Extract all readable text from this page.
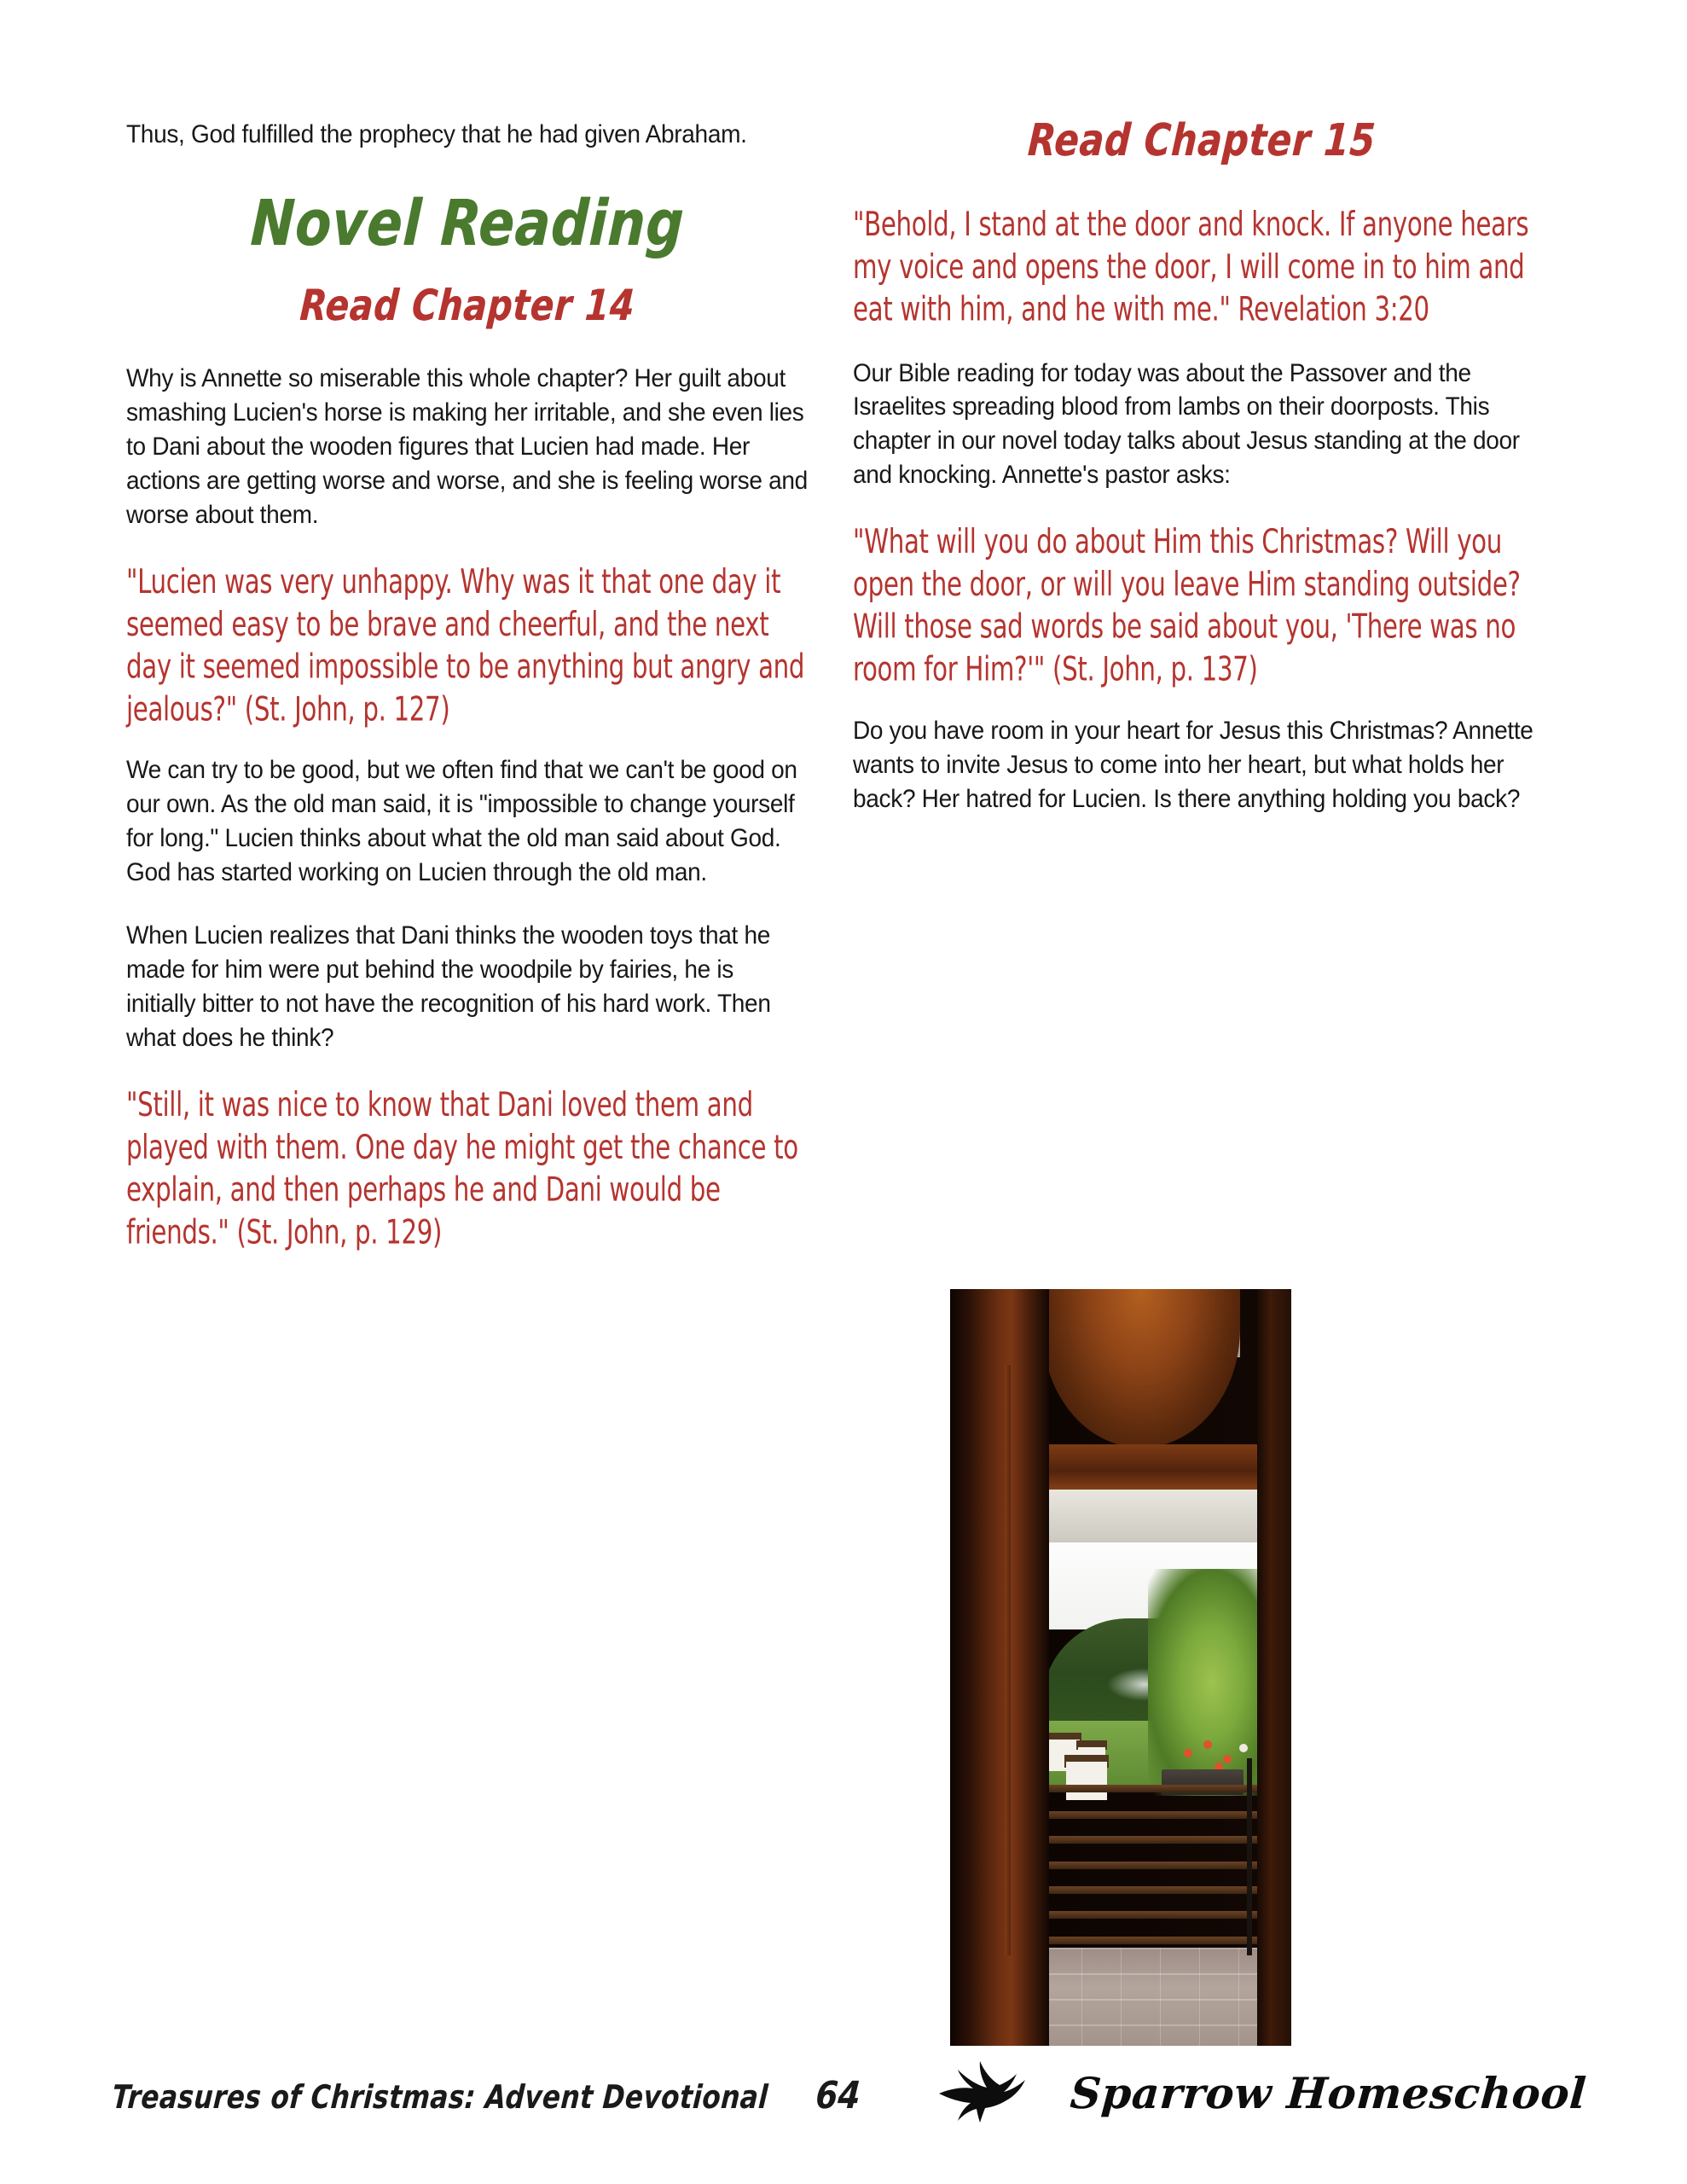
Thus, God fulfilled the prophecy that he had given Abraham.

Novel Reading
Read Chapter 14

Why is Annette so miserable this whole chapter? Her guilt about smashing Lucien's horse is making her irritable, and she even lies to Dani about the wooden figures that Lucien had made. Her actions are getting worse and worse, and she is feeling worse and worse about them.

"Lucien was very unhappy. Why was it that one day it seemed easy to be brave and cheerful, and the next day it seemed impossible to be anything but angry and jealous?" (St. John, p. 127)

We can try to be good, but we often find that we can't be good on our own. As the old man said, it is "impossible to change yourself for long." Lucien thinks about what the old man said about God. God has started working on Lucien through the old man.

When Lucien realizes that Dani thinks the wooden toys that he made for him were put behind the woodpile by fairies, he is initially bitter to not have the recognition of his hard work. Then what does he think?

"Still, it was nice to know that Dani loved them and played with them. One day he might get the chance to explain, and then perhaps he and Dani would be friends." (St. John, p. 129)

Read Chapter 15

"Behold, I stand at the door and knock. If anyone hears my voice and opens the door, I will come in to him and eat with him, and he with me." Revelation 3:20

Our Bible reading for today was about the Passover and the Israelites spreading blood from lambs on their doorposts. This chapter in our novel today talks about Jesus standing at the door and knocking. Annette's pastor asks:

"What will you do about Him this Christmas? Will you open the door, or will you leave Him standing outside? Will those sad words be said about you, 'There was no room for Him?'" (St. John, p. 137)

Do you have room in your heart for Jesus this Christmas? Annette wants to invite Jesus to come into her heart, but what holds her back? Her hatred for Lucien. Is there anything holding you back?

Treasures of Christmas: Advent Devotional 64	Sparrow Homeschool
